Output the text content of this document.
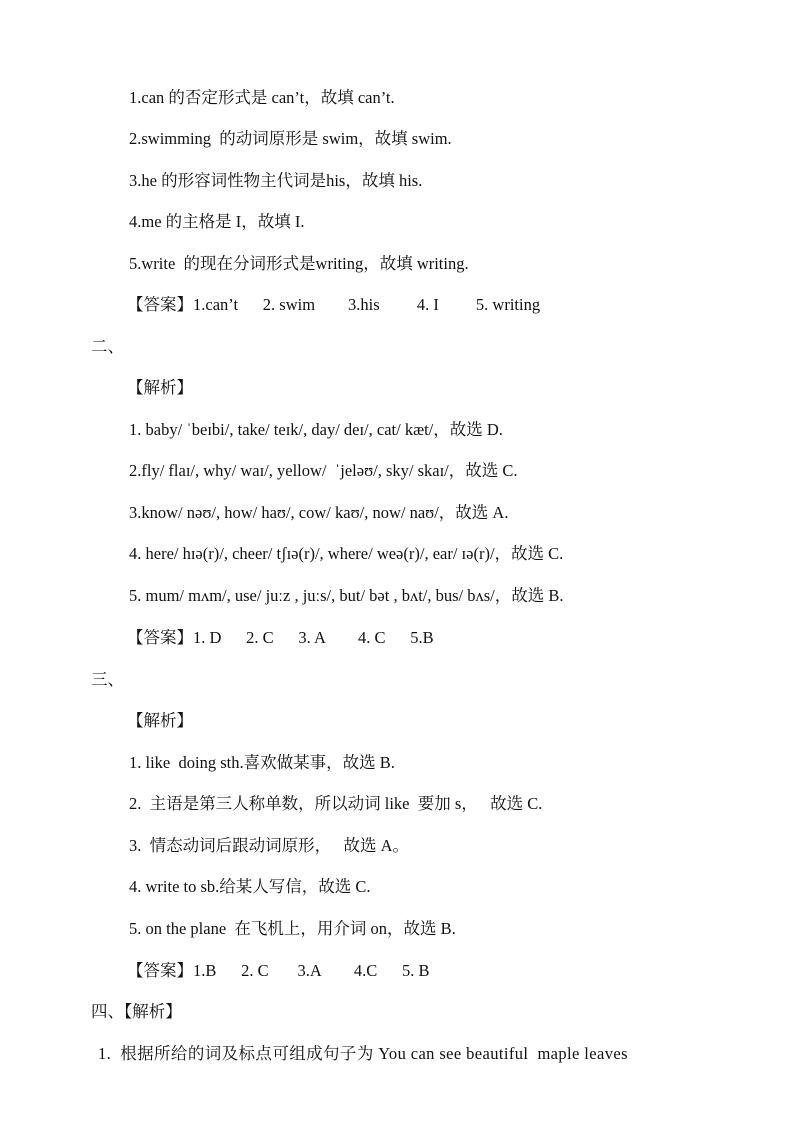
1.can 的否定形式是 can’t，故填 can’t.
2.swimming  的动词原形是 swim，故填 swim.
3.he 的形容词性物主代词是his，故填 his.
4.me 的主格是 I，故填 I.
5.write  的现在分词形式是writing，故填 writing.
【答案】1.can’t      2. swim        3.his         4. I         5. writing
二、
【解析】
1. baby/ ˈbeɪbi/, take/ teɪk/, day/ deɪ/, cat/ kæt/，故选 D.
2.fly/ flaɪ/, why/ waɪ/, yellow/  ˈjeləʊ/, sky/ skaɪ/，故选 C.
3.know/ nəʊ/, how/ haʊ/, cow/ kaʊ/, now/ naʊ/，故选 A.
4. here/ hɪə(r)/, cheer/ tʃɪə(r)/, where/ weə(r)/, ear/ ɪə(r)/，故选 C.
5. mum/ mʌm/, use/ juːz , juːs/, but/ bət , bʌt/, bus/ bʌs/，故选 B.
【答案】1. D      2. C      3. A        4. C      5.B
三、
【解析】
1. like  doing sth.喜欢做某事，故选 B.
2.  主语是第三人称单数，所以动词 like  要加 s，   故选 C.
3.  情态动词后跟动词原形，   故选 A。
4. write to sb.给某人写信，故选 C.
5. on the plane  在飞机上，用介词 on，故选 B.
【答案】1.B      2. C       3.A        4.C      5. B
四、【解析】
1.  根据所给的词及标点可组成句子为 You can see beautiful  maple leaves
